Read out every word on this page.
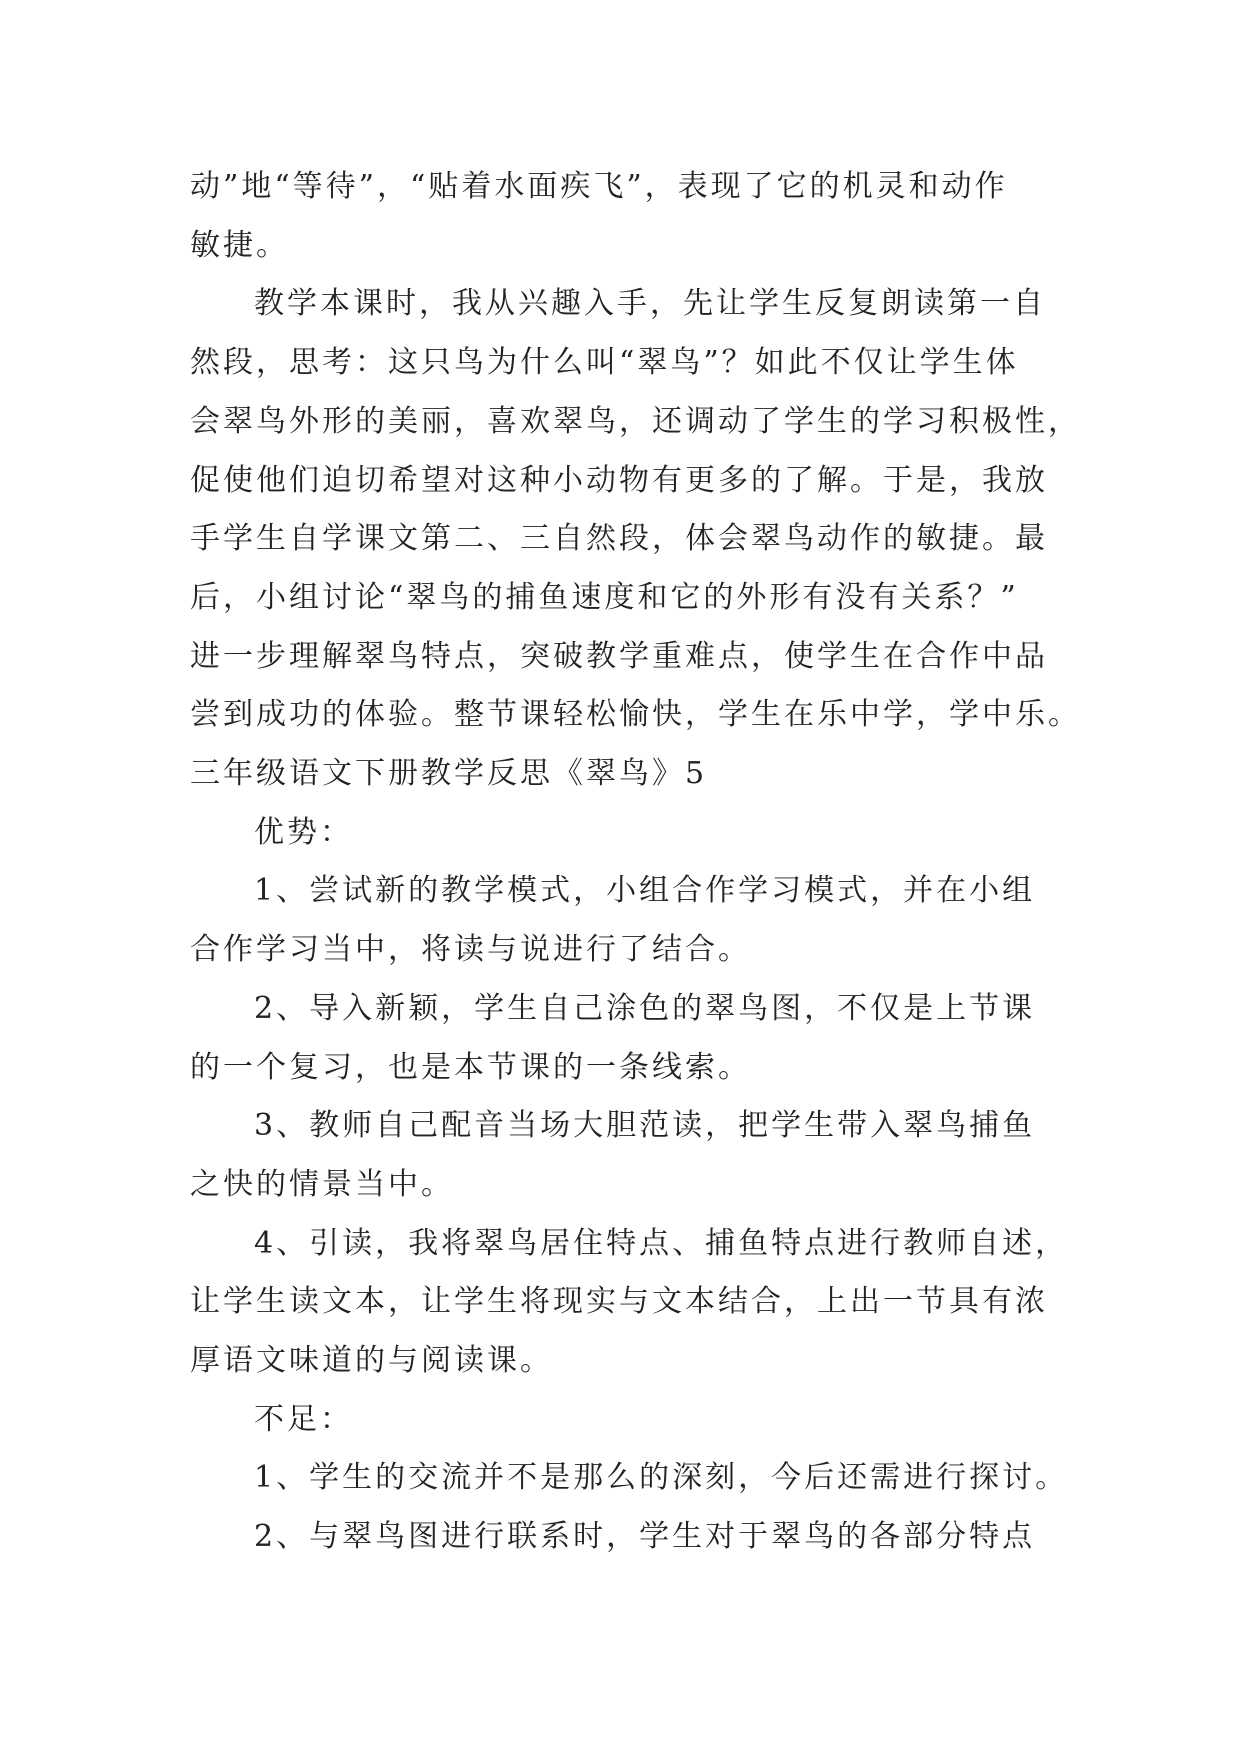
动”地“等待”，“贴着水面疾飞”，表现了它的机灵和动作
敏捷。

教学本课时，我从兴趣入手，先让学生反复朗读第一自
然段，思考：这只鸟为什么叫“翠鸟”？如此不仅让学生体
会翠鸟外形的美丽，喜欢翠鸟，还调动了学生的学习积极性，
促使他们迫切希望对这种小动物有更多的了解。于是，我放
手学生自学课文第二、三自然段，体会翠鸟动作的敏捷。最
后，小组讨论“翠鸟的捕鱼速度和它的外形有没有关系？”
进一步理解翠鸟特点，突破教学重难点，使学生在合作中品
尝到成功的体验。整节课轻松愉快，学生在乐中学，学中乐。

三年级语文下册教学反思《翠鸟》5

优势：

1、尝试新的教学模式，小组合作学习模式，并在小组
合作学习当中，将读与说进行了结合。

2、导入新颖，学生自己涂色的翠鸟图，不仅是上节课
的一个复习，也是本节课的一条线索。

3、教师自己配音当场大胆范读，把学生带入翠鸟捕鱼
之快的情景当中。

4、引读，我将翠鸟居住特点、捕鱼特点进行教师自述，
让学生读文本，让学生将现实与文本结合，上出一节具有浓
厚语文味道的与阅读课。

不足：

1、学生的交流并不是那么的深刻，今后还需进行探讨。

2、与翠鸟图进行联系时，学生对于翠鸟的各部分特点
